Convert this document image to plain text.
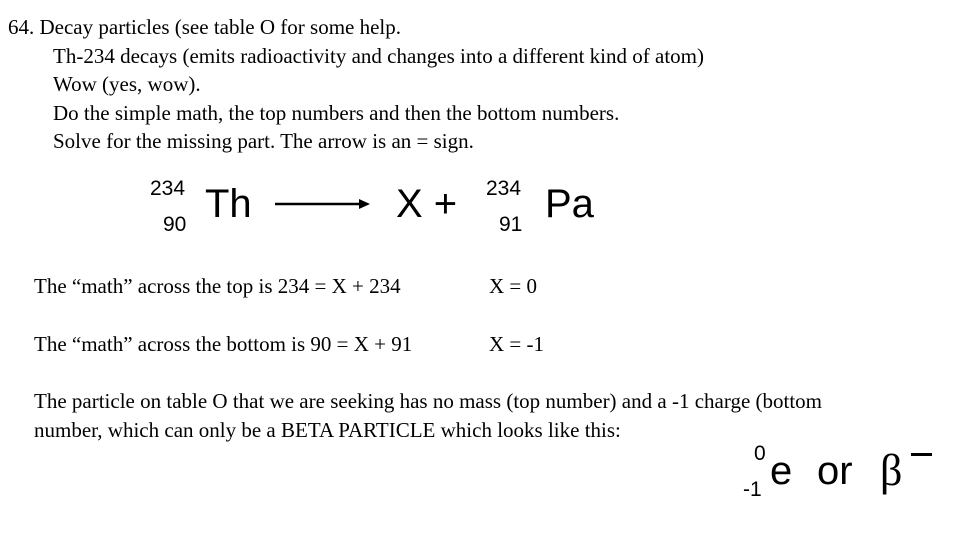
64. Decay particles (see table O for some help.
Th-234 decays (emits radioactivity and changes into a different kind of atom)
Wow (yes, wow).
Do the simple math, the top numbers and then the bottom numbers.
Solve for the missing part. The arrow is an = sign.
234
90 Th	X + 234
91 Pa
The “math” across the top is 234 = X + 234	X = 0
The “math” across the bottom is 90 = X + 91	X = -1
The particle on table O that we are seeking has no mass (top number) and a -1 charge (bottom
number, which can only be a BETA PARTICLE which looks like this:
0
-1 e or β
